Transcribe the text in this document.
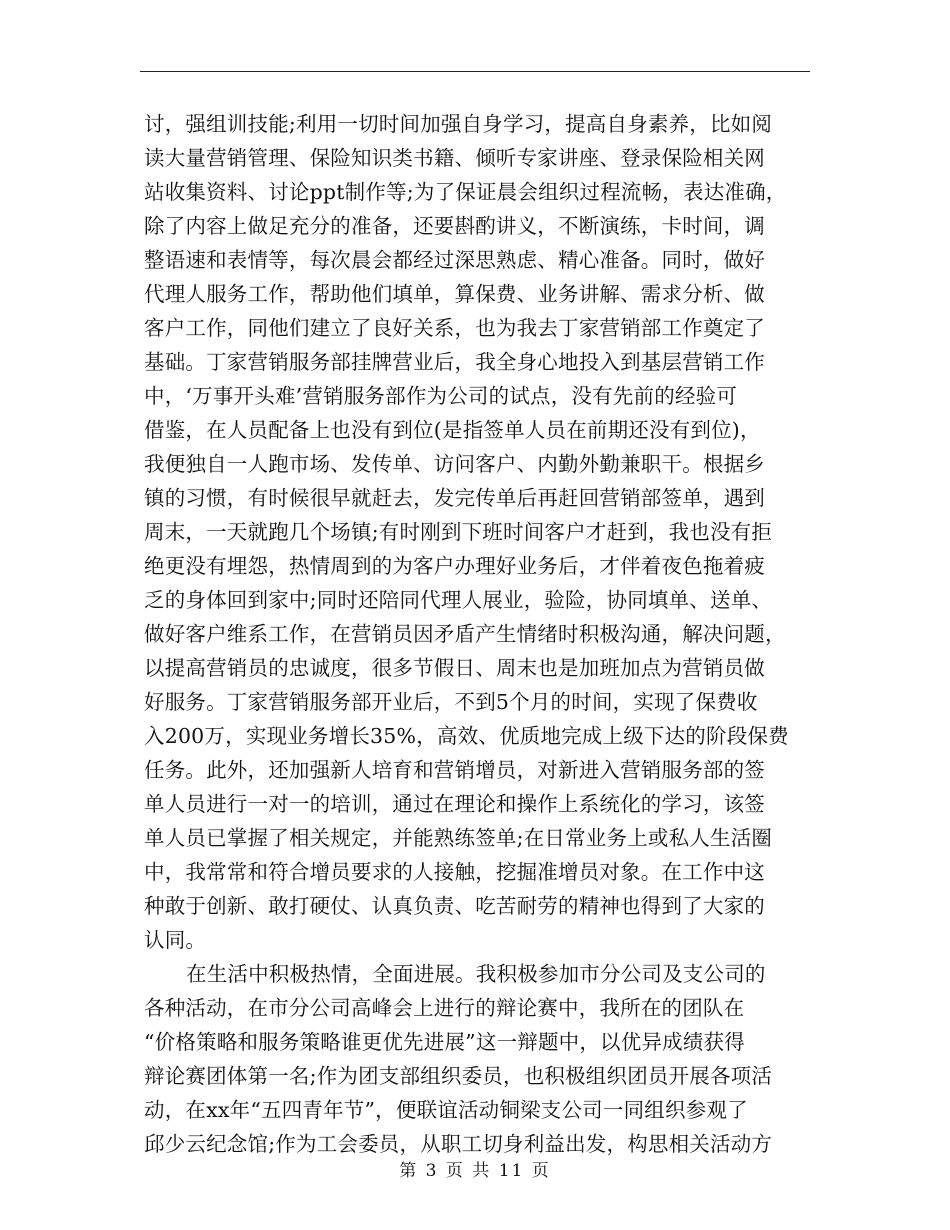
讨，强组训技能;利用一切时间加强自身学习，提高自身素养，比如阅
读大量营销管理、保险知识类书籍、倾听专家讲座、登录保险相关网
站收集资料、讨论ppt制作等;为了保证晨会组织过程流畅，表达准确，
除了内容上做足充分的准备，还要斟酌讲义，不断演练，卡时间，调
整语速和表情等，每次晨会都经过深思熟虑、精心准备。同时，做好
代理人服务工作，帮助他们填单，算保费、业务讲解、需求分析、做
客户工作，同他们建立了良好关系，也为我去丁家营销部工作奠定了
基础。丁家营销服务部挂牌营业后，我全身心地投入到基层营销工作
中，‘万事开头难’营销服务部作为公司的试点，没有先前的经验可
借鉴，在人员配备上也没有到位(是指签单人员在前期还没有到位)，
我便独自一人跑市场、发传单、访问客户、内勤外勤兼职干。根据乡
镇的习惯，有时候很早就赶去，发完传单后再赶回营销部签单，遇到
周末，一天就跑几个场镇;有时刚到下班时间客户才赶到，我也没有拒
绝更没有埋怨，热情周到的为客户办理好业务后，才伴着夜色拖着疲
乏的身体回到家中;同时还陪同代理人展业，验险，协同填单、送单、
做好客户维系工作，在营销员因矛盾产生情绪时积极沟通，解决问题，
以提高营销员的忠诚度，很多节假日、周末也是加班加点为营销员做
好服务。丁家营销服务部开业后，不到5个月的时间，实现了保费收
入200万，实现业务增长35%，高效、优质地完成上级下达的阶段保费
任务。此外，还加强新人培育和营销增员，对新进入营销服务部的签
单人员进行一对一的培训，通过在理论和操作上系统化的学习，该签
单人员已掌握了相关规定，并能熟练签单;在日常业务上或私人生活圈
中，我常常和符合增员要求的人接触，挖掘准增员对象。在工作中这
种敢于创新、敢打硬仗、认真负责、吃苦耐劳的精神也得到了大家的
认同。
在生活中积极热情，全面进展。我积极参加市分公司及支公司的
各种活动，在市分公司高峰会上进行的辩论赛中，我所在的团队在
“价格策略和服务策略谁更优先进展”这一辩题中，以优异成绩获得
辩论赛团体第一名;作为团支部组织委员，也积极组织团员开展各项活
动，在xx年“五四青年节”，便联谊活动铜梁支公司一同组织参观了
邱少云纪念馆;作为工会委员，从职工切身利益出发，构思相关活动方
第 3 页 共 11 页
